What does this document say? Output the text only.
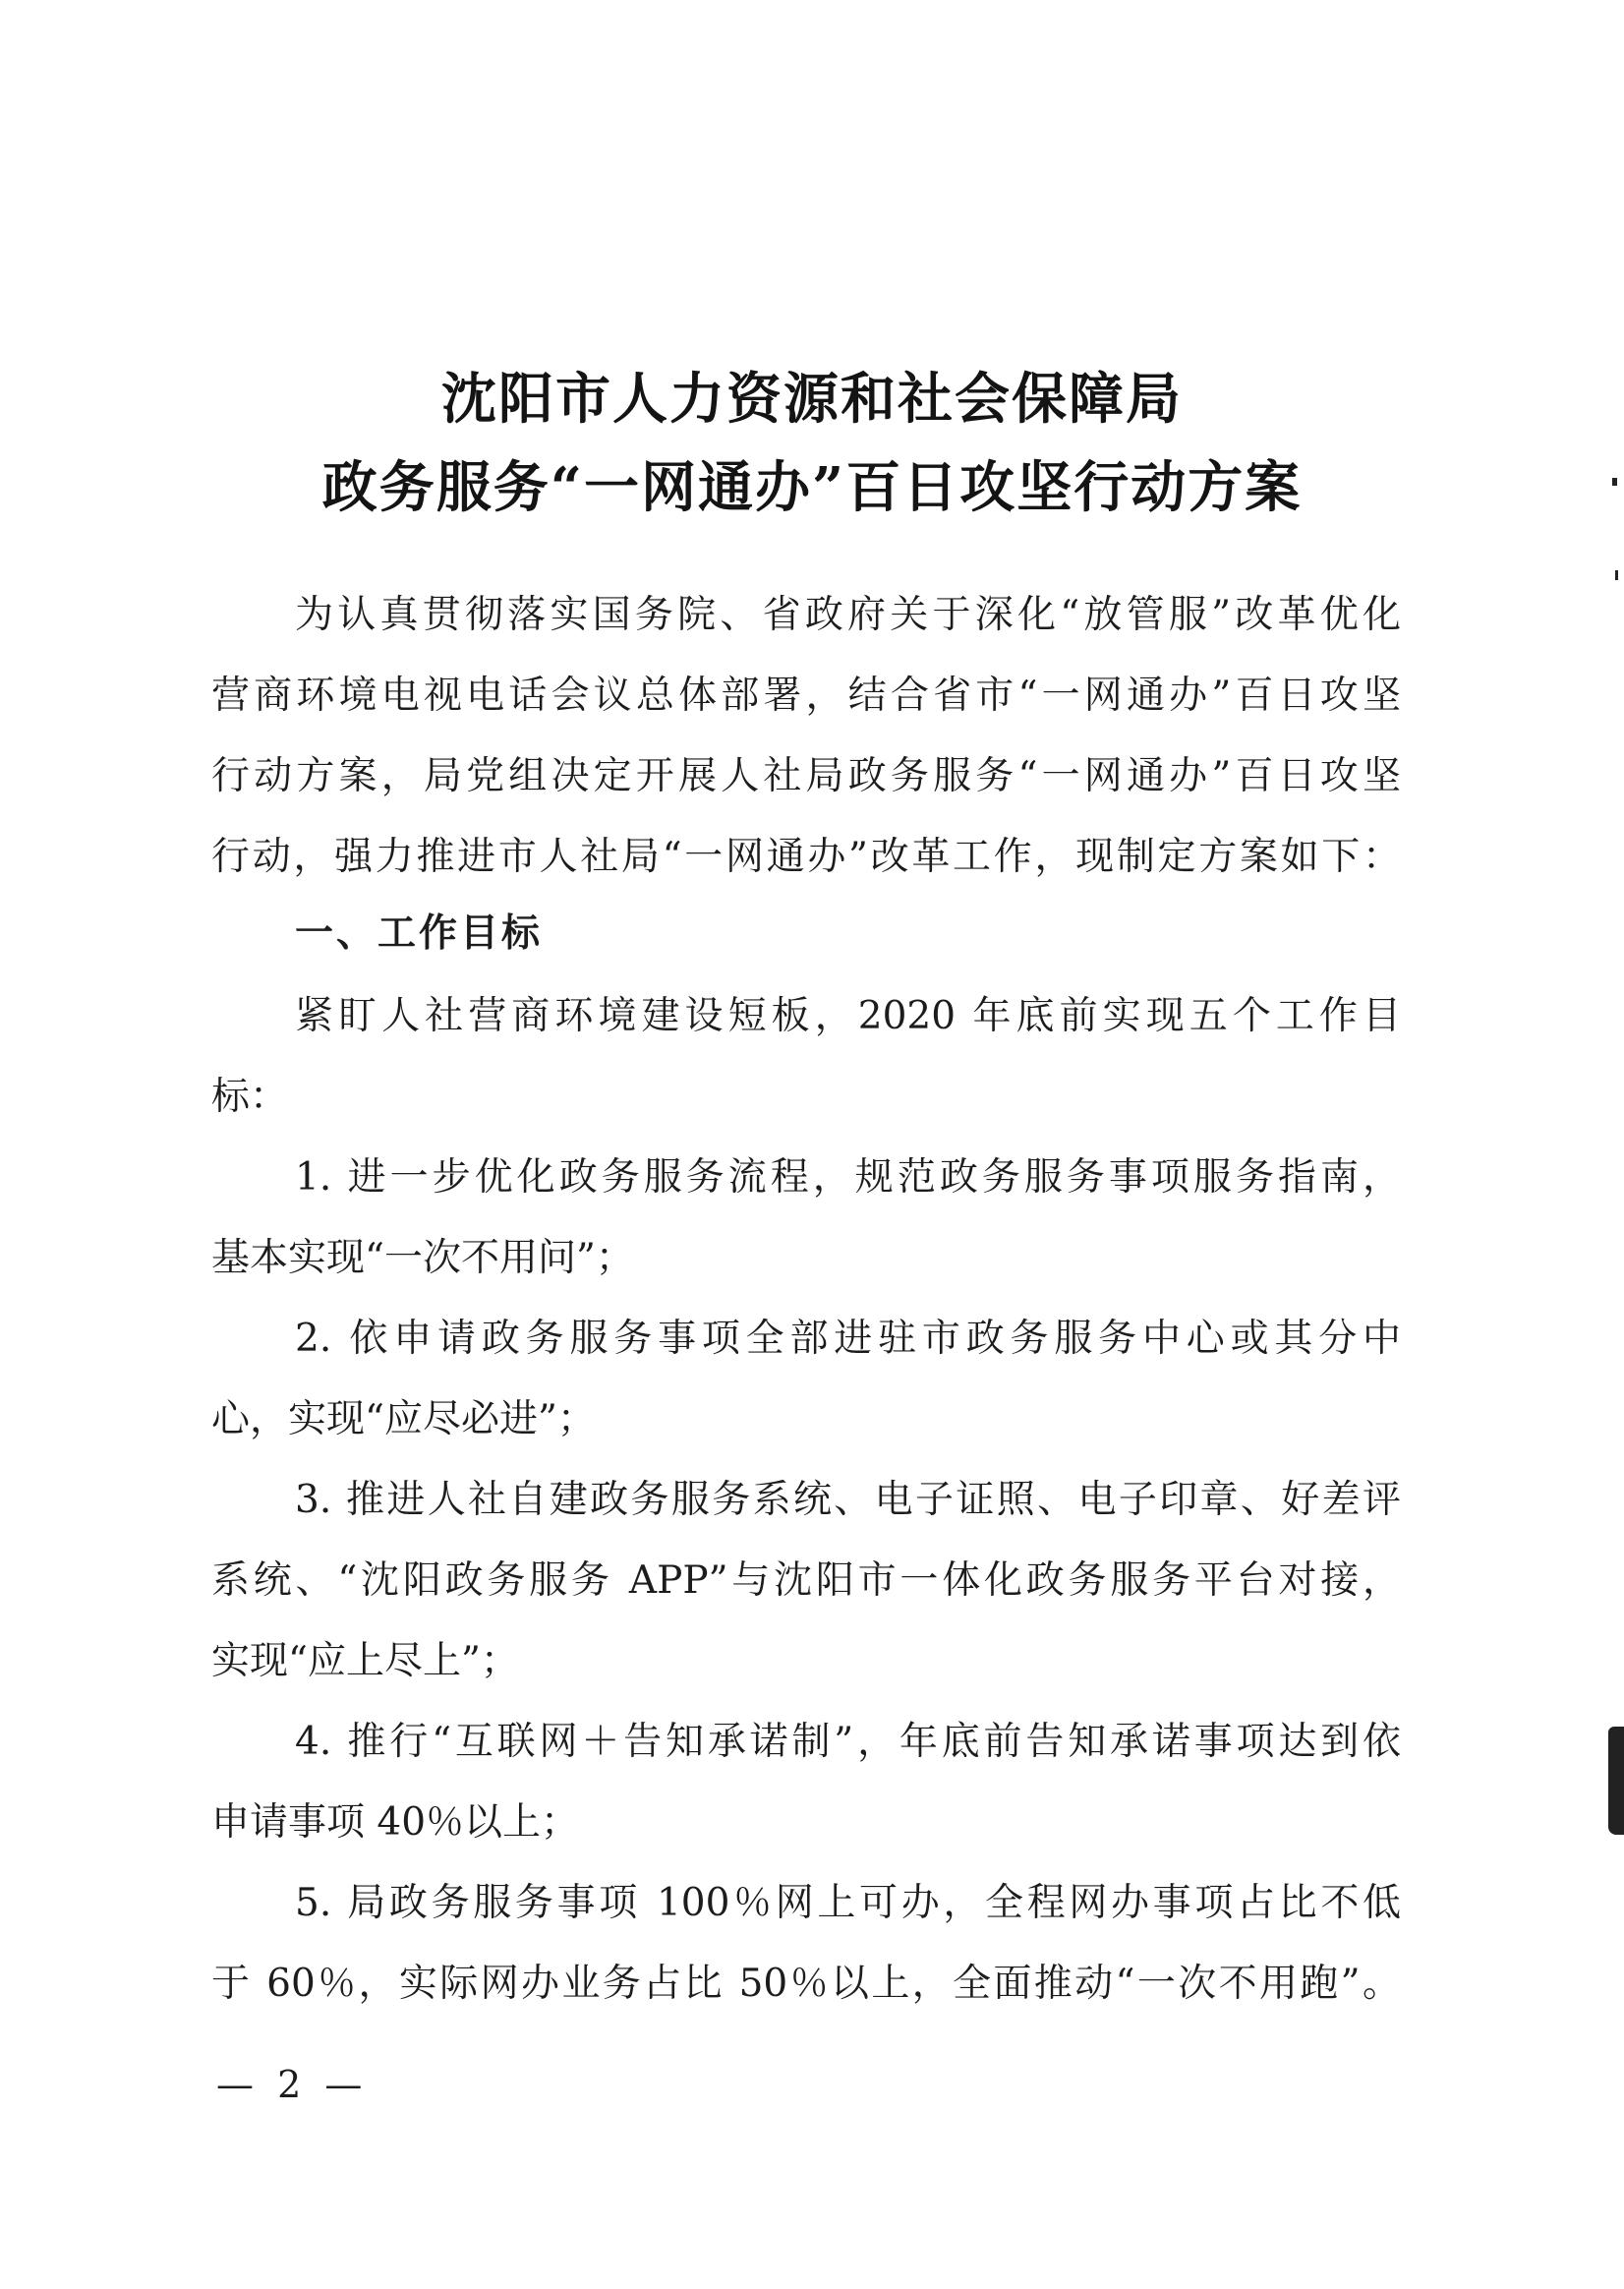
沈阳市人力资源和社会保障局
政务服务“一网通办”百日攻坚行动方案
为认真贯彻落实国务院、省政府关于深化“放管服”改革优化
营商环境电视电话会议总体部署，结合省市“一网通办”百日攻坚
行动方案，局党组决定开展人社局政务服务“一网通办”百日攻坚
行动，强力推进市人社局“一网通办”改革工作，现制定方案如下：
一、工作目标
紧盯人社营商环境建设短板，2020 年底前实现五个工作目
标：
1. 进一步优化政务服务流程，规范政务服务事项服务指南，
基本实现“一次不用问”；
2. 依申请政务服务事项全部进驻市政务服务中心或其分中
心，实现“应尽必进”；
3. 推进人社自建政务服务系统、电子证照、电子印章、好差评
系统、“沈阳政务服务 APP”与沈阳市一体化政务服务平台对接，
实现“应上尽上”；
4. 推行“互联网＋告知承诺制”，年底前告知承诺事项达到依
申请事项 40％以上；
5. 局政务服务事项 100％网上可办，全程网办事项占比不低
于 60％，实际网办业务占比 50％以上，全面推动“一次不用跑”。
— 2 —
